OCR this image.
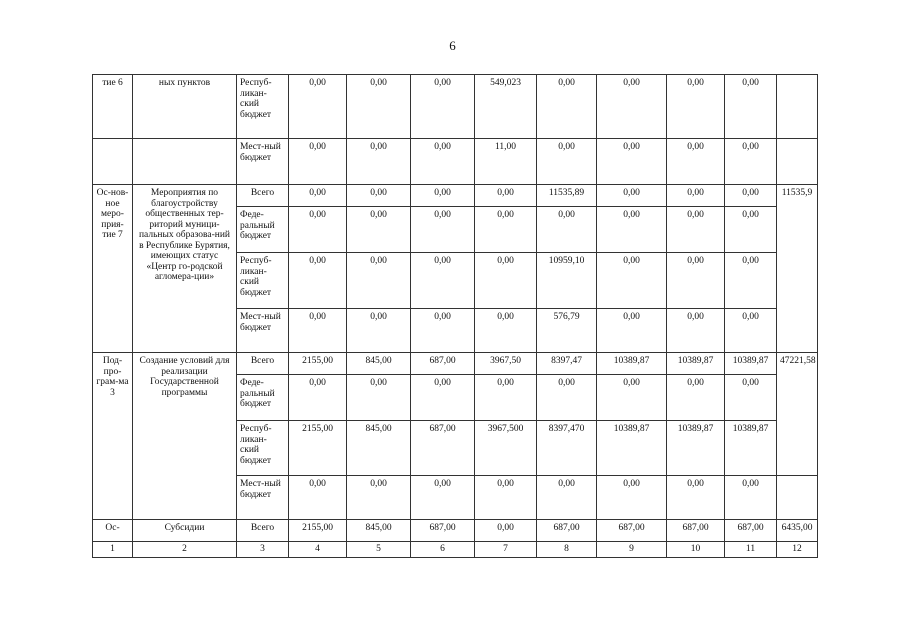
6
тие 6	ных пунктов	Респуб-ликан-ский бюджет	0,00	0,00	0,00	549,023	0,00	0,00	0,00	0,00	
		Мест-ный бюджет	0,00	0,00	0,00	11,00	0,00	0,00	0,00	0,00	
Ос-нов-ное меро-прия-тие 7	Мероприятия по благоустройству общественных тер-риторий муници-пальных образова-ний в Республике Бурятия, имеющих статус «Центр го-родской агломера-ции»	Всего	0,00	0,00	0,00	0,00	11535,89	0,00	0,00	0,00	11535,9
		Феде-ральный бюджет	0,00	0,00	0,00	0,00	0,00	0,00	0,00	0,00	
		Респуб-ликан-ский бюджет	0,00	0,00	0,00	0,00	10959,10	0,00	0,00	0,00	
		Мест-ный бюджет	0,00	0,00	0,00	0,00	576,79	0,00	0,00	0,00	
Под-про-грам-ма 3	Создание условий для реализации Государственной программы	Всего	2155,00	845,00	687,00	3967,50	8397,47	10389,87	10389,87	10389,87	47221,58
		Феде-ральный бюджет	0,00	0,00	0,00	0,00	0,00	0,00	0,00	0,00	
		Респуб-ликан-ский бюджет	2155,00	845,00	687,00	3967,500	8397,470	10389,87	10389,87	10389,87	
		Мест-ный бюджет	0,00	0,00	0,00	0,00	0,00	0,00	0,00	0,00	
Ос-	Субсидии	Всего	2155,00	845,00	687,00	0,00	687,00	687,00	687,00	687,00	6435,00
1	2	3	4	5	6	7	8	9	10	11	12
